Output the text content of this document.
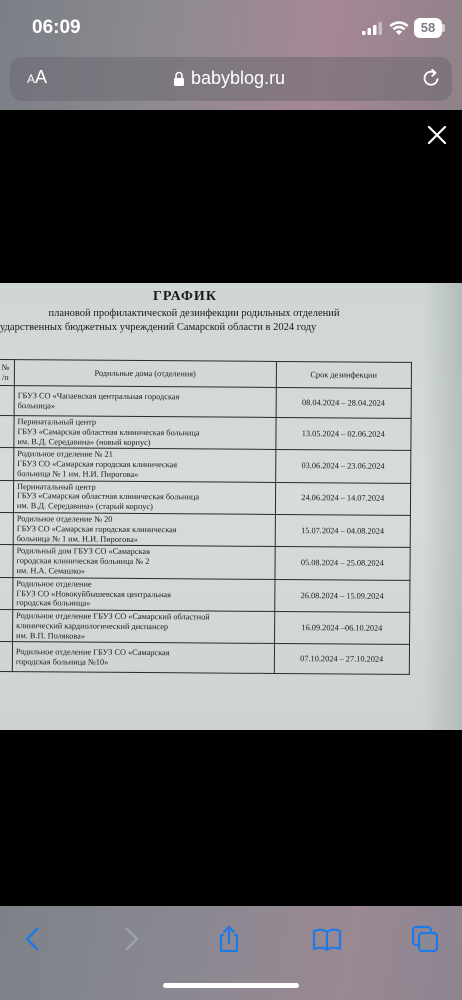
06:09	58
AA	babyblog.ru
ГРАФИК
плановой профилактической дезинфекции родильных отделений
ударственных бюджетных учреждений Самарской области в 2024 году
№
/п	Родильные дома (отделения)	Срок дезинфекции

	ГБУЗ СО «Чапаевская центральная городская
больница»	08.04.2024 – 28.04.2024

	Перинатальный центр
ГБУЗ «Самарская областная клиническая больница
им. В.Д. Середавина» (новый корпус)	13.05.2024 – 02.06.2024

	Родильное отделение № 21
ГБУЗ СО «Самарская городская клиническая
больница № 1 им. Н.И. Пирогова»	03.06.2024 – 23.06.2024

	Перинатальный центр
ГБУЗ «Самарская областная клиническая больница
им. В.Д. Середавина» (старый корпус)	24.06.2024 – 14.07.2024

	Родильное отделение № 20
ГБУЗ СО «Самарская городская клиническая
больница № 1 им. Н.И. Пирогова»	15.07.2024 – 04.08.2024

	Родильный дом ГБУЗ СО «Самарская
городская клиническая больница № 2
им. Н.А. Семашко»	05.08.2024 – 25.08.2024

	Родильное отделение
ГБУЗ СО «Новокуйбышевская центральная
городская больница»	26.08.2024 – 15.09.2024

	Родильное отделение ГБУЗ СО «Самарский областной
клинический кардиологический диспансер
им. В.П. Полякова»	16.09.2024 –06.10.2024

	Родильное отделение ГБУЗ СО «Самарская
городская больница №10»	07.10.2024 – 27.10.2024
